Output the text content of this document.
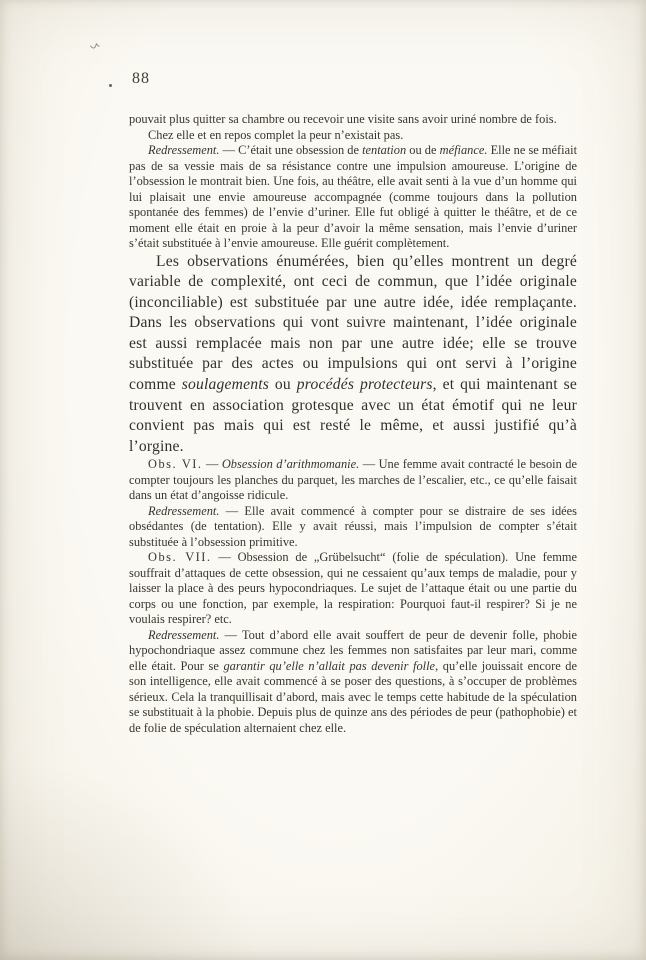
88

pouvait plus quitter sa chambre ou recevoir une visite sans avoir uriné nombre de fois.

Chez elle et en repos complet la peur n’existait pas.

Redressement. — C’était une obsession de tentation ou de méfiance. Elle ne se méfiait pas de sa vessie mais de sa résistance contre une impulsion amoureuse. L’origine de l’obsession le montrait bien. Une fois, au théâtre, elle avait senti à la vue d’un homme qui lui plaisait une envie amoureuse accompagnée (comme toujours dans la pollution spontanée des femmes) de l’envie d’uriner. Elle fut obligé à quitter le théâtre, et de ce moment elle était en proie à la peur d’avoir la même sensation, mais l’envie d’uriner s’était substituée à l’envie amoureuse. Elle guérit complètement.

Les observations énumérées, bien qu’elles montrent un degré variable de complexité, ont ceci de commun, que l’idée originale (inconciliable) est substituée par une autre idée, idée remplaçante. Dans les observations qui vont suivre maintenant, l’idée originale est aussi remplacée mais non par une autre idée; elle se trouve substituée par des actes ou impulsions qui ont servi à l’origine comme soulagements ou procédés protecteurs, et qui maintenant se trouvent en association grotesque avec un état émotif qui ne leur convient pas mais qui est resté le même, et aussi justifié qu’à l’orgine.

Obs. VI. — Obsession d’arithmomanie. — Une femme avait contracté le besoin de compter toujours les planches du parquet, les marches de l’escalier, etc., ce qu’elle faisait dans un état d’angoisse ridicule.

Redressement. — Elle avait commencé à compter pour se distraire de ses idées obsédantes (de tentation). Elle y avait réussi, mais l’impulsion de compter s’était substituée à l’obsession primitive.

Obs. VII. — Obsession de „Grübelsucht“ (folie de spéculation). Une femme souffrait d’attaques de cette obsession, qui ne cessaient qu’aux temps de maladie, pour y laisser la place à des peurs hypocondriaques. Le sujet de l’attaque était ou une partie du corps ou une fonction, par exemple, la respiration: Pourquoi faut-il respirer? Si je ne voulais respirer? etc.

Redressement. — Tout d’abord elle avait souffert de peur de devenir folle, phobie hypochondriaque assez commune chez les femmes non satisfaites par leur mari, comme elle était. Pour se garantir qu’elle n’allait pas devenir folle, qu’elle jouissait encore de son intelligence, elle avait commencé à se poser des questions, à s’occuper de problèmes sérieux. Cela la tranquillisait d’abord, mais avec le temps cette habitude de la spéculation se substituait à la phobie. Depuis plus de quinze ans des périodes de peur (pathophobie) et de folie de spéculation alternaient chez elle.
